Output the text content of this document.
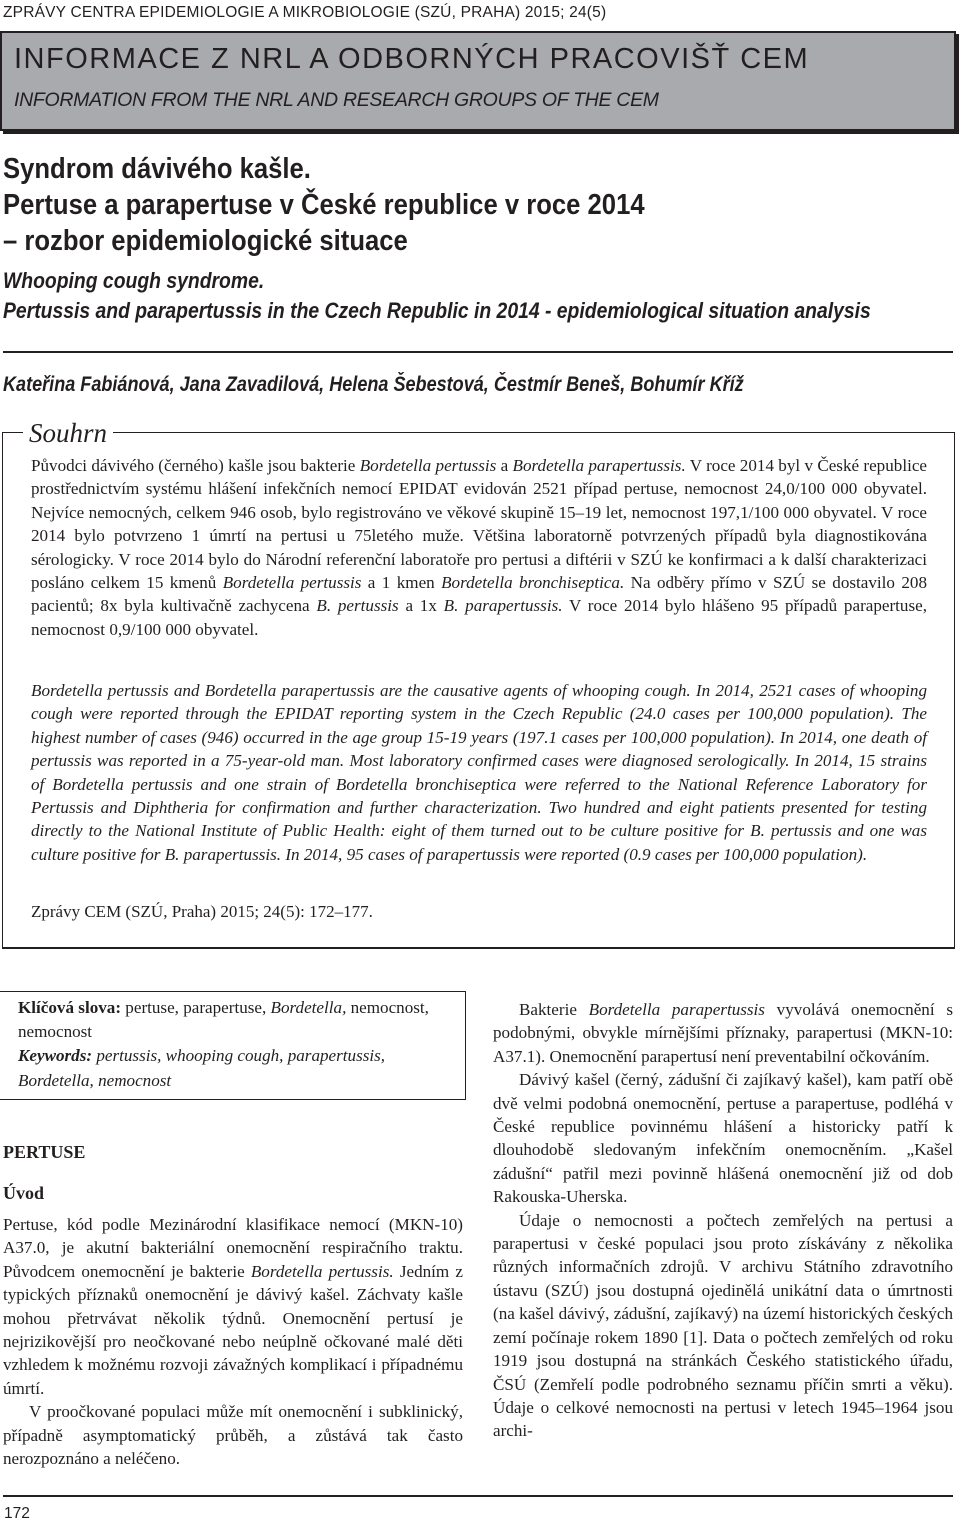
ZPRÁVY CENTRA EPIDEMIOLOGIE A MIKROBIOLOGIE (SZÚ, PRAHA) 2015; 24(5)
INFORMACE Z NRL A ODBORNÝCH PRACOVIŠŤ CEM
INFORMATION FROM THE NRL AND RESEARCH GROUPS OF THE CEM
Syndrom dávivého kašle.
Pertuse a parapertuse v České republice v roce 2014
– rozbor epidemiologické situace
Whooping cough syndrome.
Pertussis and parapertussis in the Czech Republic in 2014 - epidemiological situation analysis
Kateřina Fabiánová, Jana Zavadilová, Helena Šebestová, Čestmír Beneš, Bohumír Kříž
Souhrn
Původci dávivého (černého) kašle jsou bakterie Bordetella pertussis a Bordetella parapertussis. V roce 2014 byl v České republice prostřednictvím systému hlášení infekčních nemocí EPIDAT evidován 2521 případ pertuse, nemocnost 24,0/100 000 obyvatel. Nejvíce nemocných, celkem 946 osob, bylo registrováno ve věkové skupině 15–19 let, nemocnost 197,1/100 000 obyvatel. V roce 2014 bylo potvrzeno 1 úmrtí na pertusi u 75letého muže. Většina laboratorně potvrzených případů byla diagnostikována sérologicky. V roce 2014 bylo do Národní referenční laboratoře pro pertusi a diftérii v SZÚ ke konfirmaci a k další charakterizaci posláno celkem 15 kmenů Bordetella pertussis a 1 kmen Bordetella bronchiseptica. Na odběry přímo v SZÚ se dostavilo 208 pacientů; 8x byla kultivačně zachycena B. pertussis a 1x B. parapertussis. V roce 2014 bylo hlášeno 95 případů parapertuse, nemocnost 0,9/100 000 obyvatel.
Bordetella pertussis and Bordetella parapertussis are the causative agents of whooping cough. In 2014, 2521 cases of whooping cough were reported through the EPIDAT reporting system in the Czech Republic (24.0 cases per 100,000 population). The highest number of cases (946) occurred in the age group 15-19 years (197.1 cases per 100,000 population). In 2014, one death of pertussis was reported in a 75-year-old man. Most laboratory confirmed cases were diagnosed serologically. In 2014, 15 strains of Bordetella pertussis and one strain of Bordetella bronchiseptica were referred to the National Reference Laboratory for Pertussis and Diphtheria for confirmation and further characterization. Two hundred and eight patients presented for testing directly to the National Institute of Public Health: eight of them turned out to be culture positive for B. pertussis and one was culture positive for B. parapertussis. In 2014, 95 cases of parapertussis were reported (0.9 cases per 100,000 population).
Zprávy CEM (SZÚ, Praha) 2015; 24(5): 172–177.
Klíčová slova: pertuse, parapertuse, Bordetella, nemocnost, nemocnost
Keywords: pertussis, whooping cough, parapertussis, Bordetella, nemocnost
PERTUSE
Úvod
Pertuse, kód podle Mezinárodní klasifikace nemocí (MKN-10) A37.0, je akutní bakteriální onemocnění respiračního traktu. Původcem onemocnění je bakterie Bordetella pertussis. Jedním z typických příznaků onemocnění je dávivý kašel. Záchvaty kašle mohou přetrvávat několik týdnů. Onemocnění pertusí je nejrizikovější pro neočkované nebo neúplně očkované malé děti vzhledem k možnému rozvoji závažných komplikací i případnému úmrtí.
V proočkované populaci může mít onemocnění i subklinický, případně asymptomatický průběh, a zůstává tak často nerozpoznáno a neléčeno.
Bakterie Bordetella parapertussis vyvolává onemocnění s podobnými, obvykle mírnějšími příznaky, parapertusi (MKN-10: A37.1). Onemocnění parapertusí není preventabilní očkováním.
Dávivý kašel (černý, zádušní či zajíkavý kašel), kam patří obě dvě velmi podobná onemocnění, pertuse a parapertuse, podléhá v České republice povinnému hlášení a historicky patří k dlouhodobě sledovaným infekčním onemocněním. „Kašel zádušní“ patřil mezi povinně hlášená onemocnění již od dob Rakouska-Uherska.
Údaje o nemocnosti a počtech zemřelých na pertusi a parapertusi v české populaci jsou proto získávány z několika různých informačních zdrojů. V archivu Státního zdravotního ústavu (SZÚ) jsou dostupná ojedinělá unikátní data o úmrtnosti (na kašel dávivý, zádušní, zajíkavý) na území historických českých zemí počínaje rokem 1890 [1]. Data o počtech zemřelých od roku 1919 jsou dostupná na stránkách Českého statistického úřadu, ČSÚ (Zemřelí podle podrobného seznamu příčin smrti a věku). Údaje o celkové nemocnosti na pertusi v letech 1945–1964 jsou archi-
172
